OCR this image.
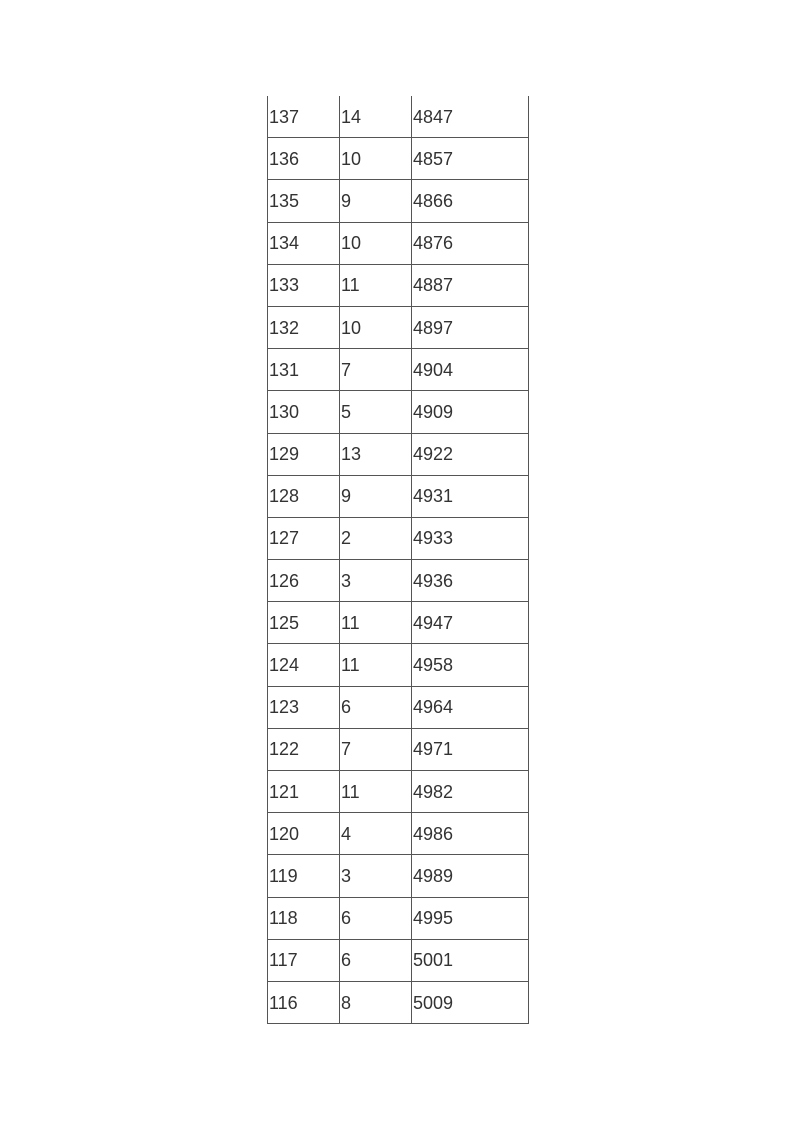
137	14	4847
136	10	4857
135	9	4866
134	10	4876
133	11	4887
132	10	4897
131	7	4904
130	5	4909
129	13	4922
128	9	4931
127	2	4933
126	3	4936
125	11	4947
124	11	4958
123	6	4964
122	7	4971
121	11	4982
120	4	4986
119	3	4989
118	6	4995
117	6	5001
116	8	5009
